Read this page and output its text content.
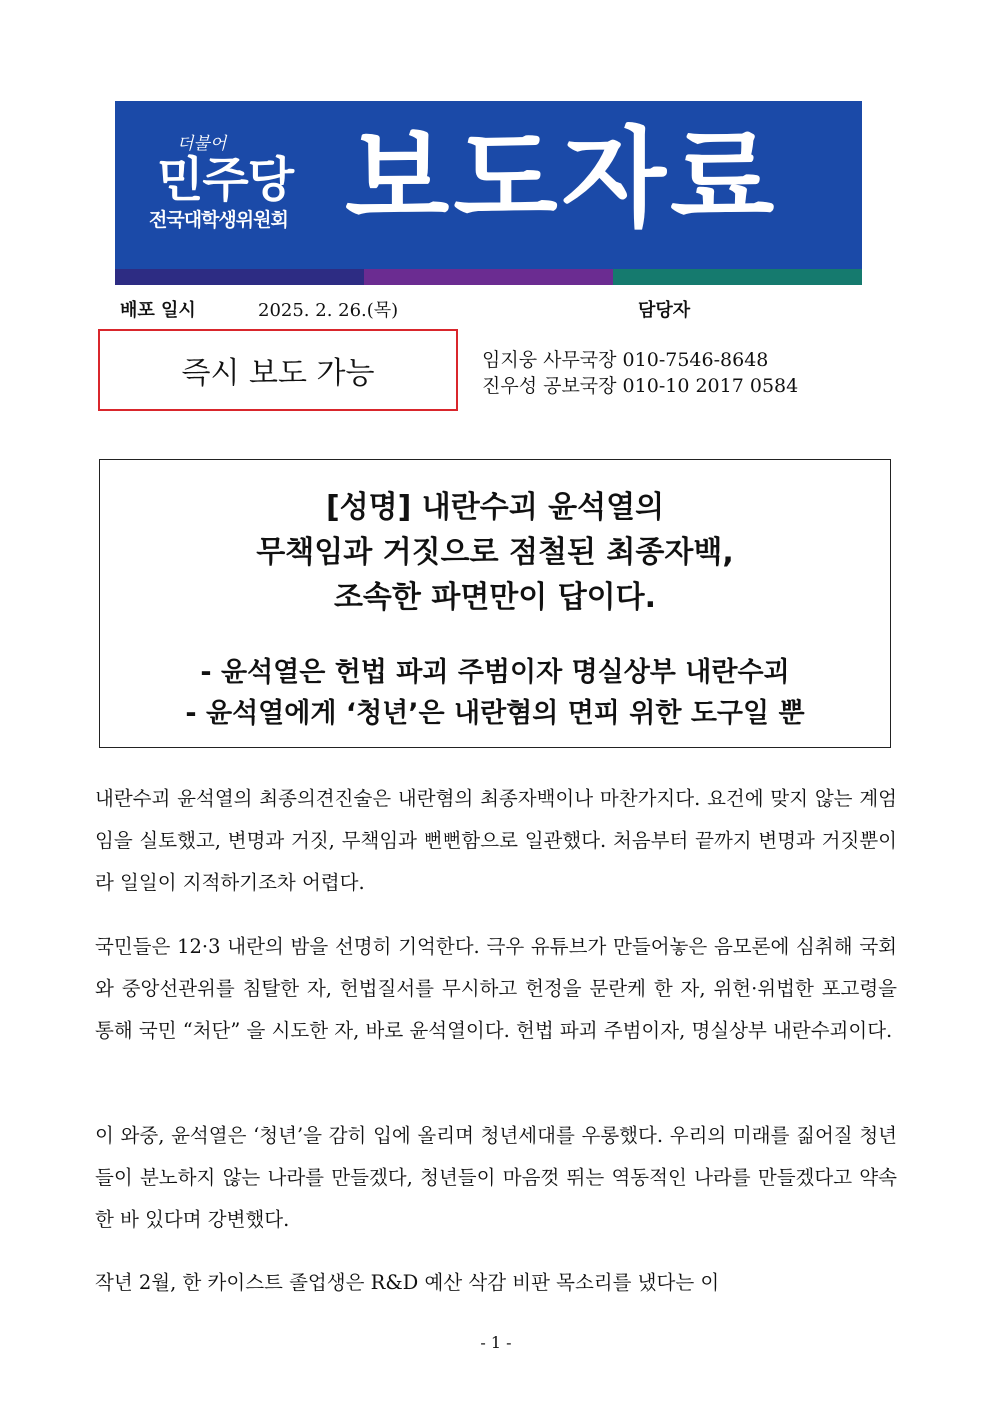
더불어
민주당
전국대학생위원회 보도자료
배포 일시	2025. 2. 26.(목)	담당자
즉시 보도 가능	임지웅 사무국장 010-7546-8648
진우성 공보국장 010-10 2017 0584
[성명] 내란수괴 윤석열의
무책임과 거짓으로 점철된 최종자백,
조속한 파면만이 답이다.
- 윤석열은 헌법 파괴 주범이자 명실상부 내란수괴
- 윤석열에게 ‘청년’은 내란혐의 면피 위한 도구일 뿐
내란수괴 윤석열의 최종의견진술은 내란혐의 최종자백이나 마찬가지다. 요건에 맞지 않는 계엄임을 실토했고, 변명과 거짓, 무책임과 뻔뻔함으로 일관했다. 처음부터 끝까지 변명과 거짓뿐이라 일일이 지적하기조차 어렵다.
국민들은 12·3 내란의 밤을 선명히 기억한다. 극우 유튜브가 만들어놓은 음모론에 심취해 국회와 중앙선관위를 침탈한 자, 헌법질서를 무시하고 헌정을 문란케 한 자, 위헌·위법한 포고령을 통해 국민 “처단” 을 시도한 자, 바로 윤석열이다. 헌법 파괴 주범이자, 명실상부 내란수괴이다.
이 와중, 윤석열은 ‘청년’을 감히 입에 올리며 청년세대를 우롱했다. 우리의 미래를 짊어질 청년들이 분노하지 않는 나라를 만들겠다, 청년들이 마음껏 뛰는 역동적인 나라를 만들겠다고 약속한 바 있다며 강변했다.
작년 2월, 한 카이스트 졸업생은 R&D 예산 삭감 비판 목소리를 냈다는 이
- 1 -
